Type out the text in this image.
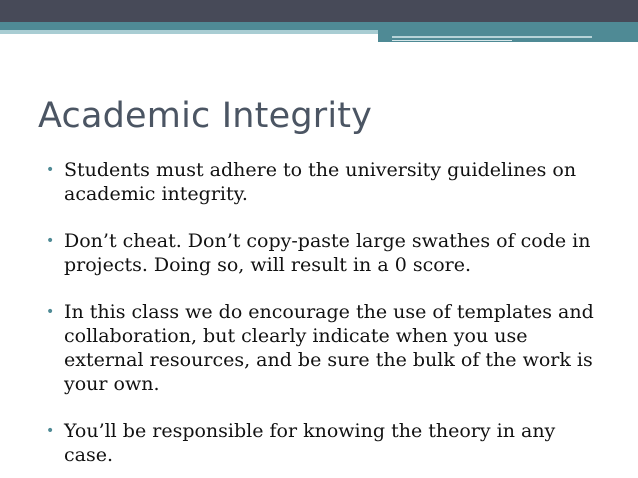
Academic Integrity
• Students must adhere to the university guidelines on academic integrity.
• Don’t cheat. Don’t copy-paste large swathes of code in projects. Doing so, will result in a 0 score.
• In this class we do encourage the use of templates and collaboration, but clearly indicate when you use external resources, and be sure the bulk of the work is your own.
• You’ll be responsible for knowing the theory in any case.
